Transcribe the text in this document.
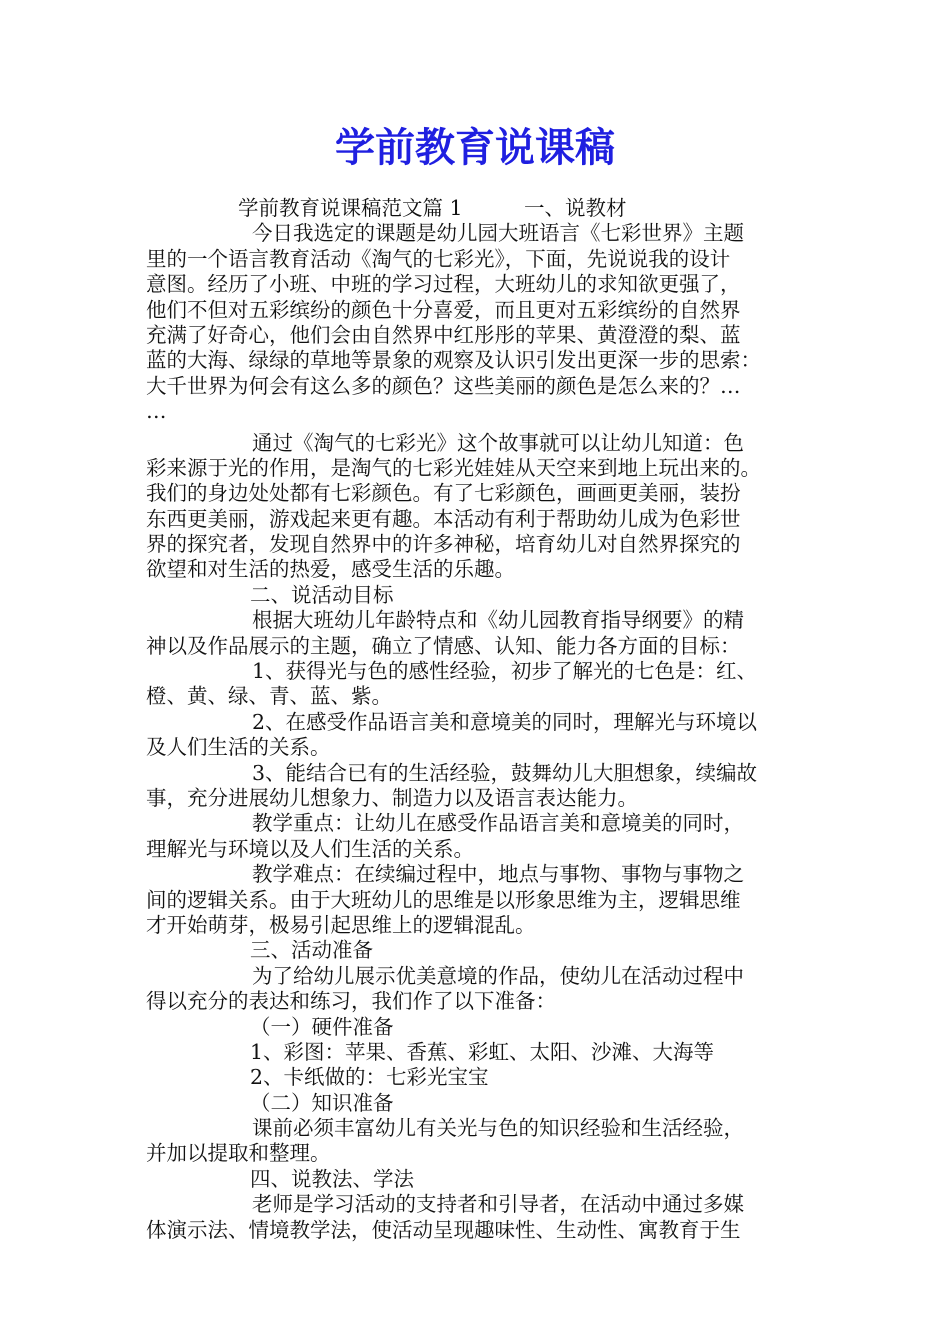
学前教育说课稿
学前教育说课稿范文篇 1　　　一、说教材
今日我选定的课题是幼儿园大班语言《七彩世界》主题
里的一个语言教育活动《淘气的七彩光》，下面，先说说我的设计
意图。经历了小班、中班的学习过程，大班幼儿的求知欲更强了，
他们不但对五彩缤纷的颜色十分喜爱，而且更对五彩缤纷的自然界
充满了好奇心，他们会由自然界中红彤彤的苹果、黄澄澄的梨、蓝
蓝的大海、绿绿的草地等景象的观察及认识引发出更深一步的思索：
大千世界为何会有这么多的颜色？这些美丽的颜色是怎么来的？…
…
通过《淘气的七彩光》这个故事就可以让幼儿知道：色
彩来源于光的作用，是淘气的七彩光娃娃从天空来到地上玩出来的。
我们的身边处处都有七彩颜色。有了七彩颜色，画画更美丽，装扮
东西更美丽，游戏起来更有趣。本活动有利于帮助幼儿成为色彩世
界的探究者，发现自然界中的许多神秘，培育幼儿对自然界探究的
欲望和对生活的热爱，感受生活的乐趣。
二、说活动目标
根据大班幼儿年龄特点和《幼儿园教育指导纲要》的精
神以及作品展示的主题，确立了情感、认知、能力各方面的目标：
1、获得光与色的感性经验，初步了解光的七色是：红、
橙、黄、绿、青、蓝、紫。
2、在感受作品语言美和意境美的同时，理解光与环境以
及人们生活的关系。
3、能结合已有的生活经验，鼓舞幼儿大胆想象，续编故
事，充分进展幼儿想象力、制造力以及语言表达能力。
教学重点：让幼儿在感受作品语言美和意境美的同时，
理解光与环境以及人们生活的关系。
教学难点：在续编过程中，地点与事物、事物与事物之
间的逻辑关系。由于大班幼儿的思维是以形象思维为主，逻辑思维
才开始萌芽，极易引起思维上的逻辑混乱。
三、活动准备
为了给幼儿展示优美意境的作品，使幼儿在活动过程中
得以充分的表达和练习，我们作了以下准备：
（一）硬件准备
1、彩图：苹果、香蕉、彩虹、太阳、沙滩、大海等
2、卡纸做的：七彩光宝宝
（二）知识准备
课前必须丰富幼儿有关光与色的知识经验和生活经验，
并加以提取和整理。
四、说教法、学法
老师是学习活动的支持者和引导者，在活动中通过多媒
体演示法、情境教学法，使活动呈现趣味性、生动性、寓教育于生
